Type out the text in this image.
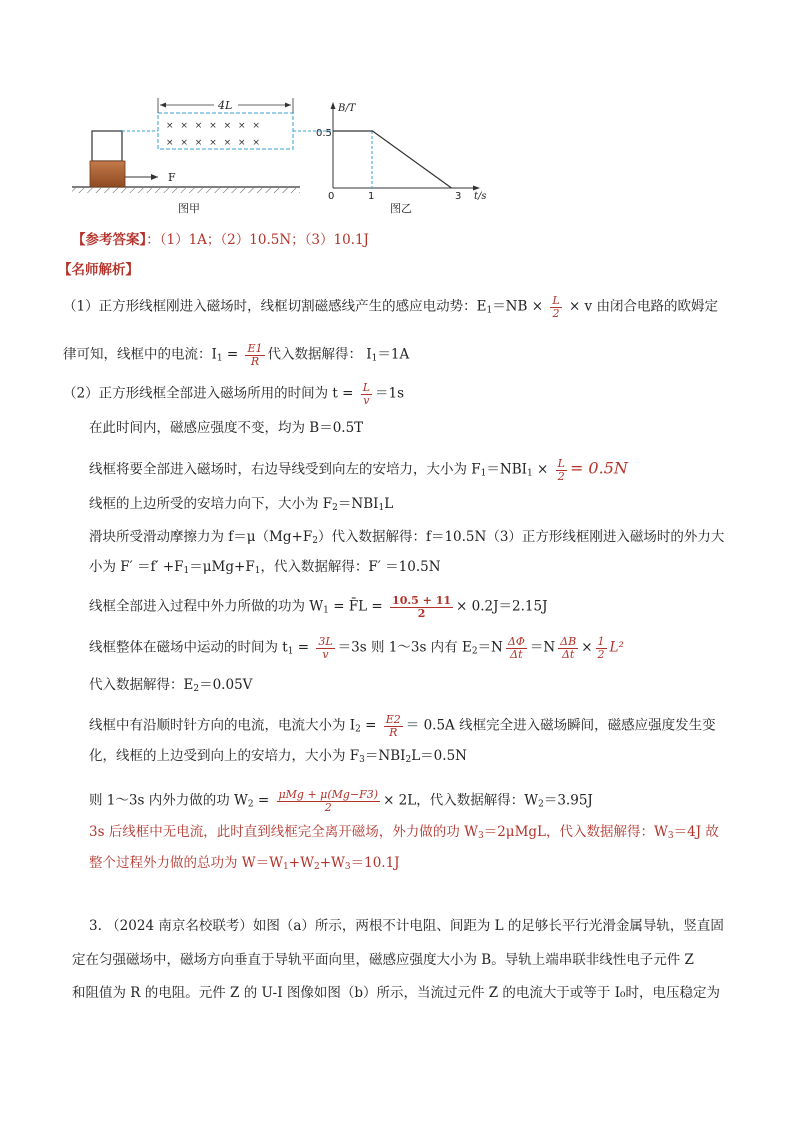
F
× × × × × × ×
× × × × × × ×
4L
图甲
B/T
t/s
0.5
0	1	3
图乙
【参考答案】：（1）1A；（2）10.5N；（3）10.1J
【名师解析】
（1）正方形线框刚进入磁场时，线框切割磁感线产生的感应电动势：$E_1=NB \times \frac{L}{2} \times v$ 由闭合电路的欧姆定
律可知，线框中的电流：$I_1 = \frac{E1}{R}$ 代入数据解得： $I_1=1A$
（2）正方形线框全部进入磁场所用的时间为 $t = \frac{L}{v} =1s$
在此时间内，磁感应强度不变，均为 B＝0.5T
线框将要全部进入磁场时，右边导线受到向左的安培力，大小为 $F_1=NBI_1 \times \frac{L}{2} = 0.5N$
线框的上边所受的安培力向下，大小为 $F_2=NBI_1L$
滑块所受滑动摩擦力为 $f=\mu(Mg+F_2)$代入数据解得：f＝10.5N（3）正方形线框刚进入磁场时的外力大
小为 $F' =f' +F_1=\mu Mg+F_1$，代入数据解得：F′ ＝10.5N
线框全部进入过程中外力所做的功为 $W_1$ = F̄L = $\frac{10.5 + 11}{2} \times 0.2J=2.15J$
线框整体在磁场中运动的时间为 $t_1 = \frac{3L}{v} =3s$ 则 1～3s 内有 $E_2=N \frac{\Delta\Phi}{\Delta t} =N \frac{\Delta B}{\Delta t} \times \frac{1}{2} L^2$
代入数据解得：$E_2=0.05V$
线框中有沿顺时针方向的电流，电流大小为 $I_2 = \frac{E2}{R} = 0.5A$ 线框完全进入磁场瞬间，磁感应强度发生变
化，线框的上边受到向上的安培力，大小为 $F_3=NBI_2L=0.5N$
则 1～3s 内外力做的功 $W_2 = \frac{\text{μMg + μ(Mg−F3)}}{2} \times 2L$，代入数据解得：$W_2=3.95J$
3s 后线框中无电流，此时直到线框完全离开磁场，外力做的功 $W_3=2\mu MgL$，代入数据解得：$W_3=4J$ 故
整个过程外力做的总功为 $W=W_1+W_2+W_3=10.1J$
3. （2024 南京名校联考）如图（a）所示，两根不计电阻、间距为 L 的足够长平行光滑金属导轨，竖直固
定在匀强磁场中，磁场方向垂直于导轨平面向里，磁感应强度大小为 B。导轨上端串联非线性电子元件 Z
和阻值为 R 的电阻。元件 Z 的 U-I 图像如图（b）所示，当流过元件 Z 的电流大于或等于 I₀时，电压稳定为
